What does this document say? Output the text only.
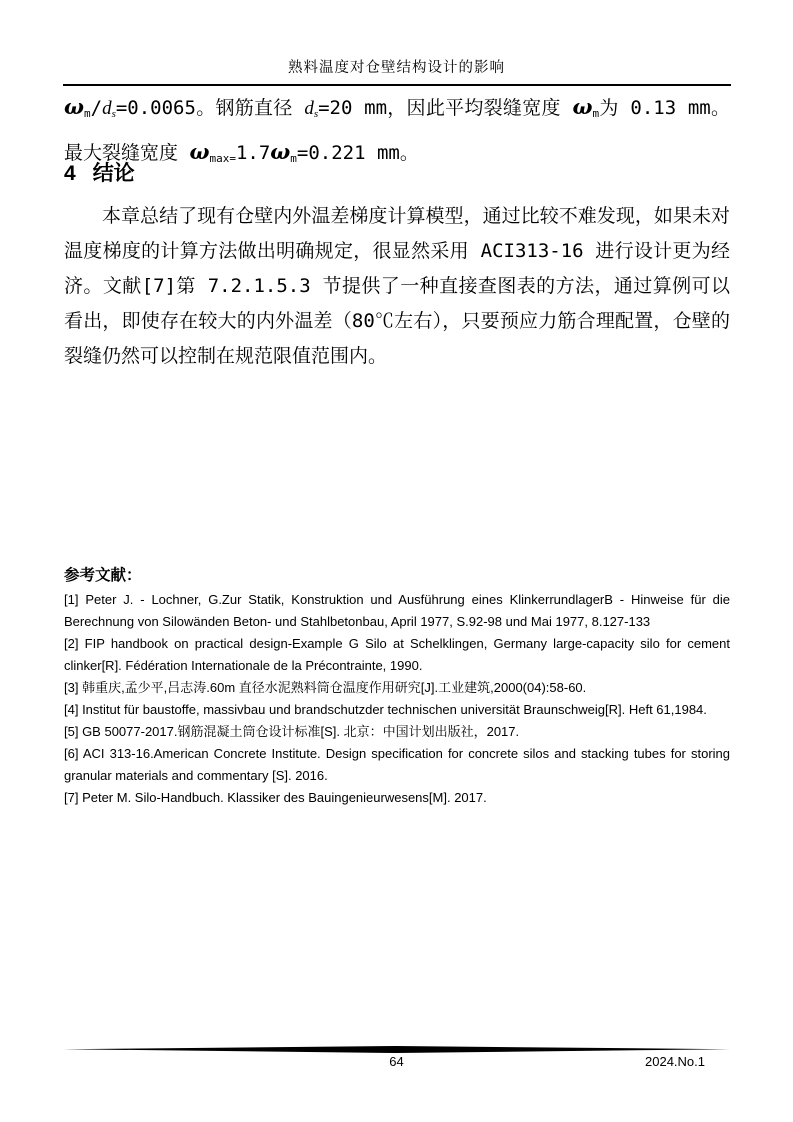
熟料温度对仓壁结构设计的影响

$\omega_m/d_s=0.0065$。钢筋直径 $d_s=20$ mm，因此平均裂缝宽度 $\omega_m$为 0.13 mm。最大裂缝宽度 $\omega_{max=}1.7\omega_m=0.221$ mm。

4 结论

本章总结了现有仓壁内外温差梯度计算模型，通过比较不难发现，如果未对温度梯度的计算方法做出明确规定，很显然采用 ACI313-16 进行设计更为经济。文献[7]第 7.2.1.5.3 节提供了一种直接查图表的方法，通过算例可以看出，即使存在较大的内外温差（80℃左右），只要预应力筋合理配置，仓壁的裂缝仍然可以控制在规范限值范围内。

参考文献：

[1] Peter J. - Lochner, G.Zur Statik, Konstruktion und Ausführung eines KlinkerrundlagerB - Hinweise für die Berechnung von Silowänden Beton- und Stahlbetonbau, April 1977, S.92-98 und Mai 1977, 8.127-133

[2] FIP handbook on practical design-Example G Silo at Schelklingen, Germany large-capacity silo for cement clinker[R]. Fédération Internationale de la Précontrainte, 1990.

[3] 韩重庆,孟少平,吕志涛.60m 直径水泥熟料筒仓温度作用研究[J].工业建筑,2000(04):58-60.

[4] Institut für baustoffe, massivbau und brandschutzder technischen universität Braunschweig[R]. Heft 61,1984.

[5] GB 50077-2017.钢筋混凝土筒仓设计标准[S]. 北京：中国计划出版社，2017.

[6] ACI 313-16.American Concrete Institute. Design specification for concrete silos and stacking tubes for storing granular materials and commentary [S]. 2016.

[7] Peter M. Silo-Handbuch. Klassiker des Bauingenieurwesens[M]. 2017.

64	2024.No.1
